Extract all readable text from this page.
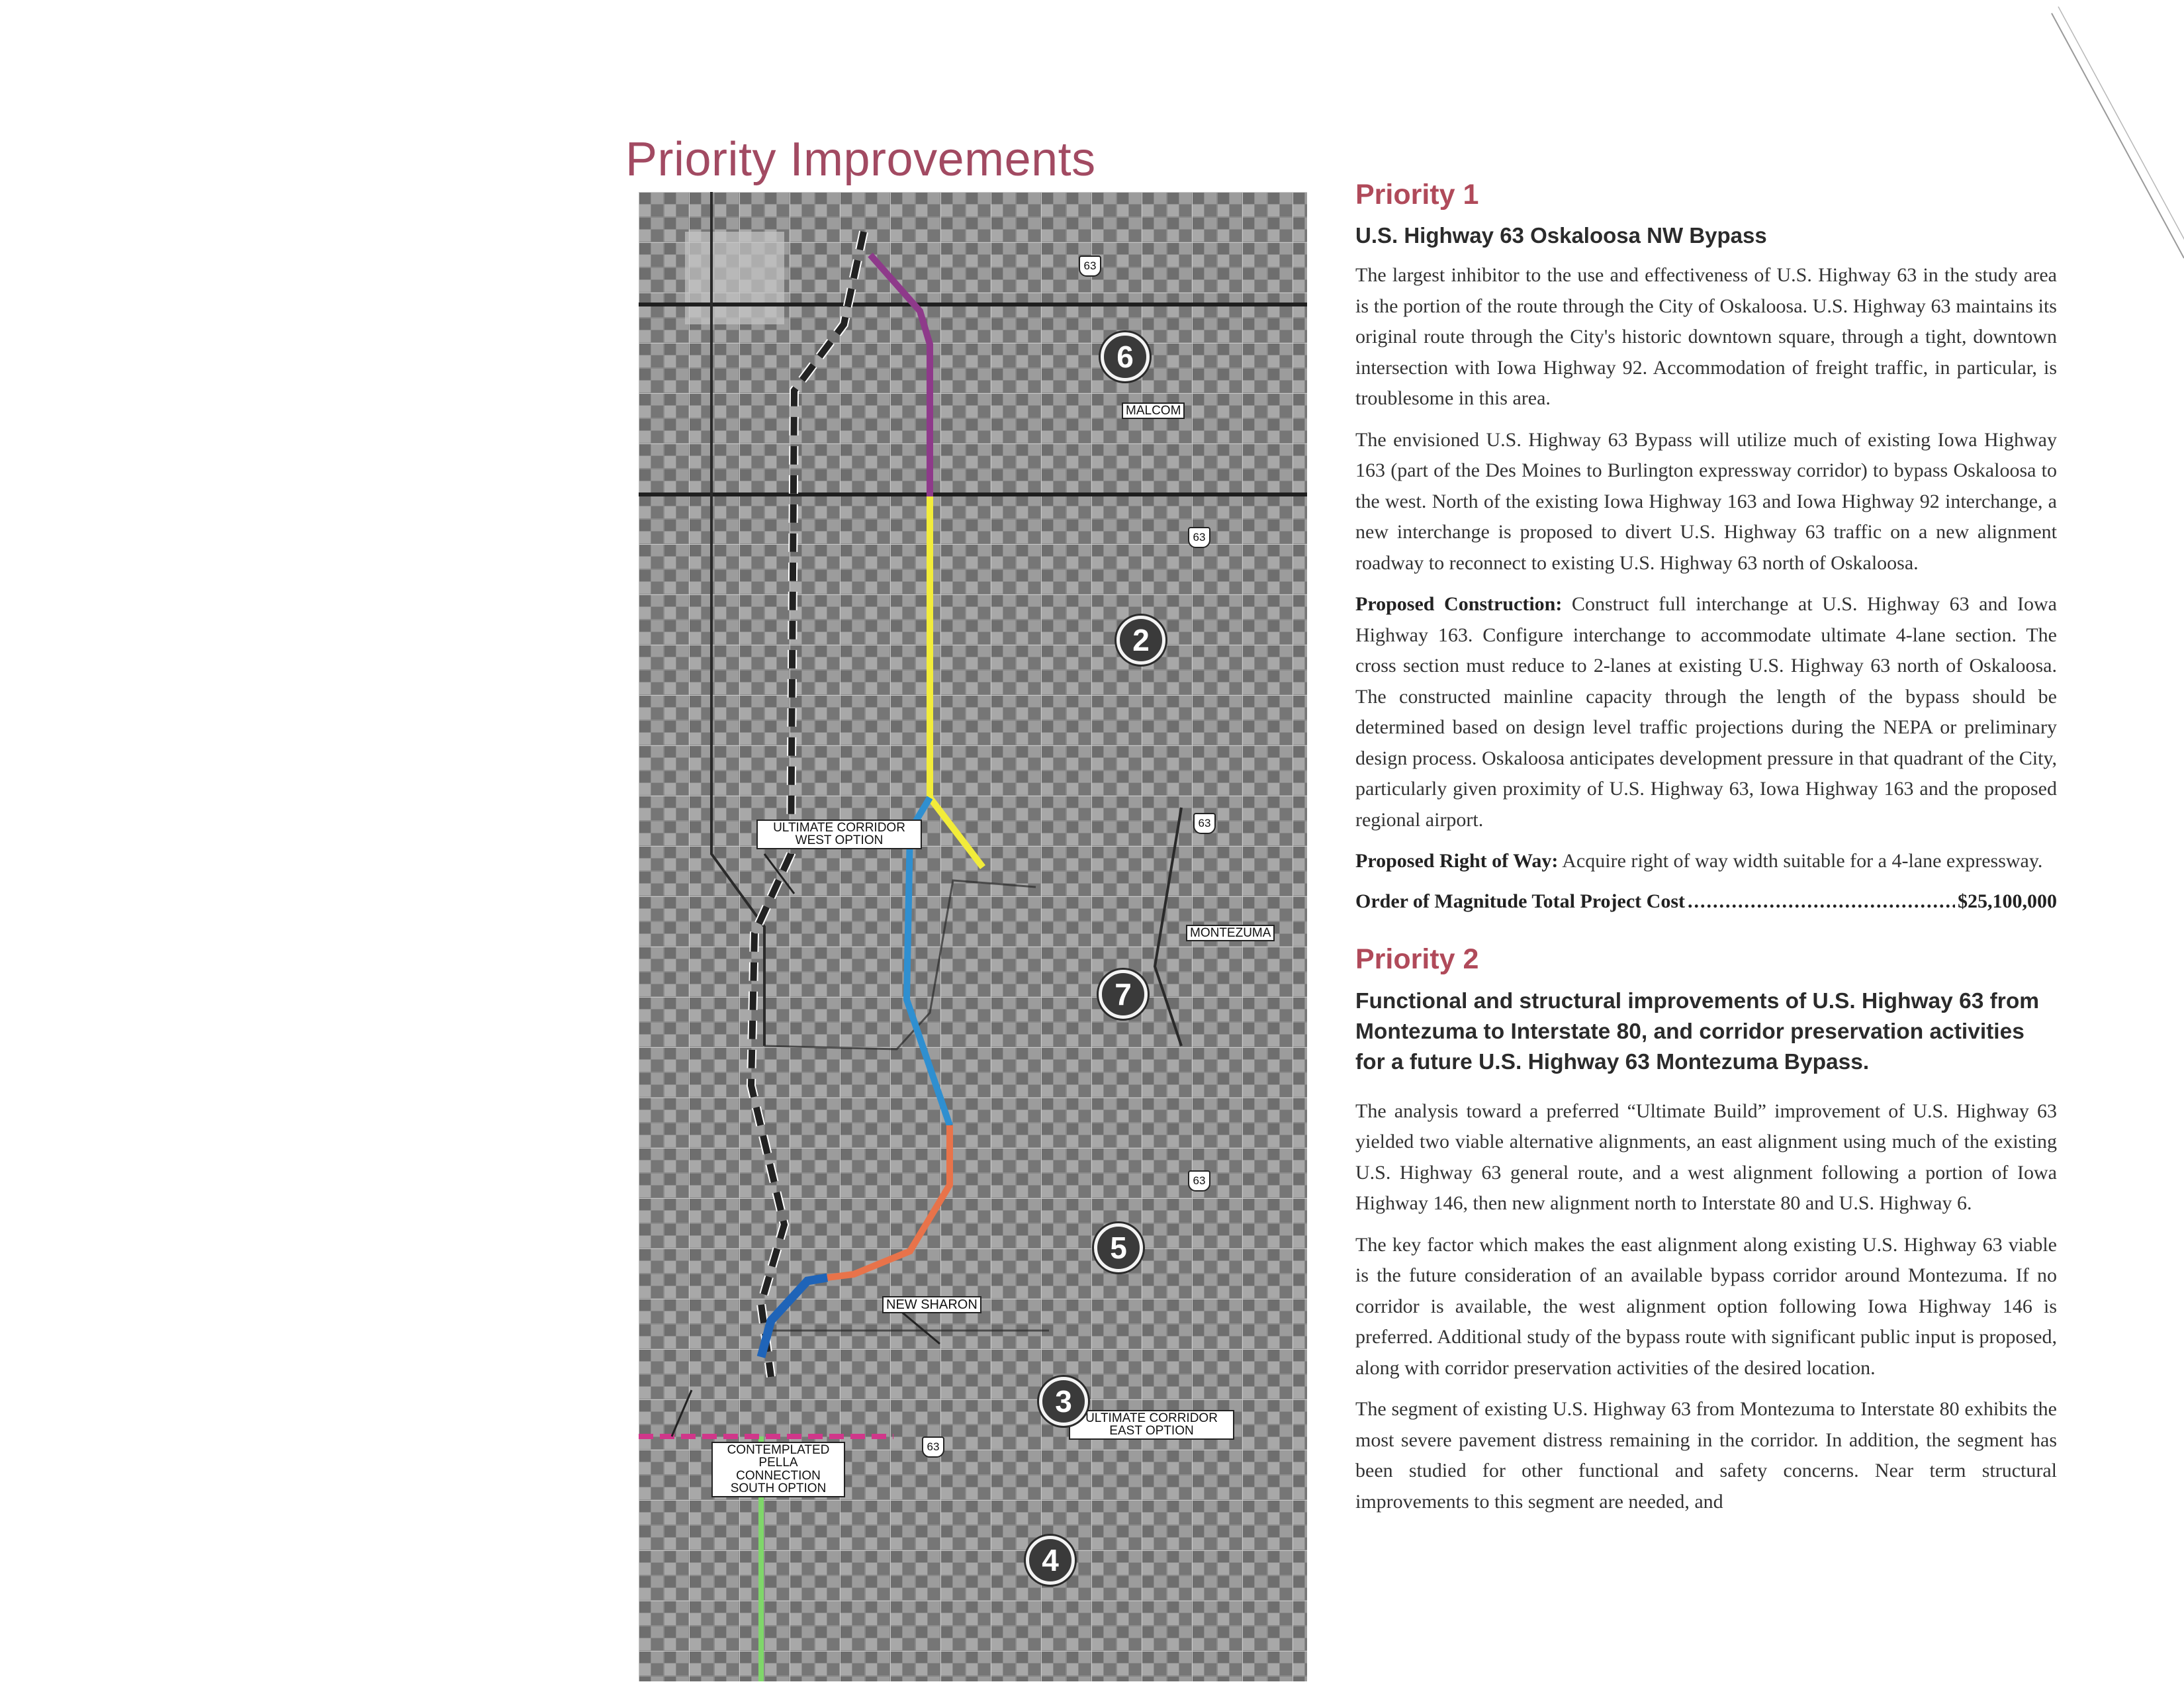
Priority Improvements
MALCOM
MONTEZUMA
NEW SHARON
ULTIMATE CORRIDOR
WEST OPTION
ULTIMATE CORRIDOR
EAST OPTION
CONTEMPLATED
PELLA CONNECTION
SOUTH OPTION
63
63
63
63
63
6
2
7
5
3
4
Priority 1
U.S. Highway 63 Oskaloosa NW Bypass

The largest inhibitor to the use and effectiveness of U.S. Highway 63 in the study area is the portion of the route through the City of Oskaloosa. U.S. Highway 63 maintains its original route through the City's historic downtown square, through a tight, downtown intersection with Iowa Highway 92. Accommodation of freight traffic, in particular, is troublesome in this area.

The envisioned U.S. Highway 63 Bypass will utilize much of existing Iowa Highway 163 (part of the Des Moines to Burlington expressway corridor) to bypass Oskaloosa to the west. North of the existing Iowa Highway 163 and Iowa Highway 92 interchange, a new interchange is proposed to divert U.S. Highway 63 traffic on a new alignment roadway to reconnect to existing U.S. Highway 63 north of Oskaloosa.

Proposed Construction: Construct full interchange at U.S. Highway 63 and Iowa Highway 163. Configure interchange to accommodate ultimate 4-lane section. The cross section must reduce to 2-lanes at existing U.S. Highway 63 north of Oskaloosa. The constructed mainline capacity through the length of the bypass should be determined based on design level traffic projections during the NEPA or preliminary design process. Oskaloosa anticipates development pressure in that quadrant of the City, particularly given proximity of U.S. Highway 63, Iowa Highway 163 and the proposed regional airport.

Proposed Right of Way: Acquire right of way width suitable for a 4-lane expressway.

Order of Magnitude Total Project Cost
.....	$25,100,000
Priority 2
Functional and structural improvements of U.S. Highway 63 from Montezuma to Interstate 80, and corridor preservation activities for a future U.S. Highway 63 Montezuma Bypass.

The analysis toward a preferred “Ultimate Build” improvement of U.S. Highway 63 yielded two viable alternative alignments, an east alignment using much of the existing U.S. Highway 63 general route, and a west alignment following a portion of Iowa Highway 146, then new alignment north to Interstate 80 and U.S. Highway 6.

The key factor which makes the east alignment along existing U.S. Highway 63 viable is the future consideration of an available bypass corridor around Montezuma. If no corridor is available, the west alignment option following Iowa Highway 146 is preferred. Additional study of the bypass route with significant public input is proposed, along with corridor preservation activities of the desired location.

The segment of existing U.S. Highway 63 from Montezuma to Interstate 80 exhibits the most severe pavement distress remaining in the corridor. In addition, the segment has been studied for other functional and safety concerns. Near term structural improvements to this segment are needed, and
